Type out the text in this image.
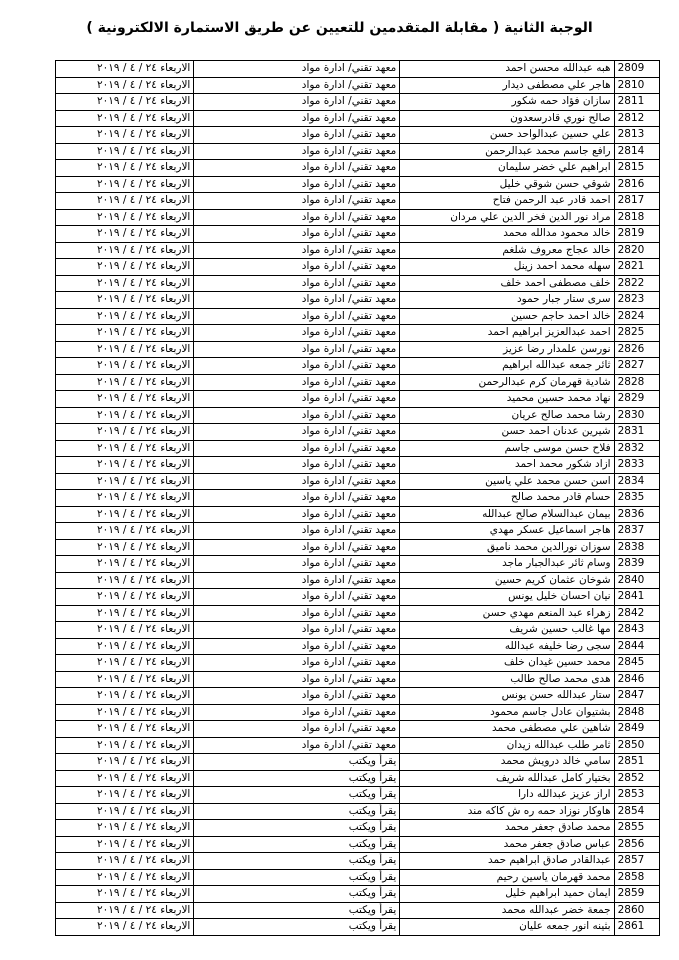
الوجبة الثانية ( مقابلة المتقدمين للتعيين عن طريق الاستمارة الالكترونية )
2809	هبه عبدالله محسن احمد	معهد تقني/ ادارة مواد	الاربعاء ٢٤ / ٤ / ٢٠١٩
2810	هاجر علي مصطفى ديدار	معهد تقني/ ادارة مواد	الاربعاء ٢٤ / ٤ / ٢٠١٩
2811	سازان فؤاد حمه شكور	معهد تقني/ ادارة مواد	الاربعاء ٢٤ / ٤ / ٢٠١٩
2812	صالح نوري قادرسعدون	معهد تقني/ ادارة مواد	الاربعاء ٢٤ / ٤ / ٢٠١٩
2813	علي حسين عبدالواحد حسن	معهد تقني/ ادارة مواد	الاربعاء ٢٤ / ٤ / ٢٠١٩
2814	رافع جاسم محمد عبدالرحمن	معهد تقني/ ادارة مواد	الاربعاء ٢٤ / ٤ / ٢٠١٩
2815	ابراهيم علي خضر سليمان	معهد تقني/ ادارة مواد	الاربعاء ٢٤ / ٤ / ٢٠١٩
2816	شوقي حسن شوقي خليل	معهد تقني/ ادارة مواد	الاربعاء ٢٤ / ٤ / ٢٠١٩
2817	احمد قادر عبد الرحمن فتاح	معهد تقني/ ادارة مواد	الاربعاء ٢٤ / ٤ / ٢٠١٩
2818	مراد نور الدين فخر الدين علي مردان	معهد تقني/ ادارة مواد	الاربعاء ٢٤ / ٤ / ٢٠١٩
2819	خالد محمود مدالله محمد	معهد تقني/ ادارة مواد	الاربعاء ٢٤ / ٤ / ٢٠١٩
2820	خالد عجاج معروف شلغم	معهد تقني/ ادارة مواد	الاربعاء ٢٤ / ٤ / ٢٠١٩
2821	سهله محمد احمد زينل	معهد تقني/ ادارة مواد	الاربعاء ٢٤ / ٤ / ٢٠١٩
2822	خلف مصطفى احمد خلف	معهد تقني/ ادارة مواد	الاربعاء ٢٤ / ٤ / ٢٠١٩
2823	سرى ستار جبار حمود	معهد تقني/ ادارة مواد	الاربعاء ٢٤ / ٤ / ٢٠١٩
2824	خالد احمد حاجم حسين	معهد تقني/ ادارة مواد	الاربعاء ٢٤ / ٤ / ٢٠١٩
2825	احمد عبدالعزيز ابراهيم احمد	معهد تقني/ ادارة مواد	الاربعاء ٢٤ / ٤ / ٢٠١٩
2826	نورسن علمدار رضا عزيز	معهد تقني/ ادارة مواد	الاربعاء ٢٤ / ٤ / ٢٠١٩
2827	ثائر جمعه عبدالله ابراهيم	معهد تقني/ ادارة مواد	الاربعاء ٢٤ / ٤ / ٢٠١٩
2828	شادية قهرمان كرم عبدالرحمن	معهد تقني/ ادارة مواد	الاربعاء ٢٤ / ٤ / ٢٠١٩
2829	نهاد محمد حسين محميد	معهد تقني/ ادارة مواد	الاربعاء ٢٤ / ٤ / ٢٠١٩
2830	رشا محمد صالح عريان	معهد تقني/ ادارة مواد	الاربعاء ٢٤ / ٤ / ٢٠١٩
2831	شيرين عدنان احمد حسن	معهد تقني/ ادارة مواد	الاربعاء ٢٤ / ٤ / ٢٠١٩
2832	فلاح حسن موسى جاسم	معهد تقني/ ادارة مواد	الاربعاء ٢٤ / ٤ / ٢٠١٩
2833	ازاد شكور محمد احمد	معهد تقني/ ادارة مواد	الاربعاء ٢٤ / ٤ / ٢٠١٩
2834	اسن حسن محمد علي ياسين	معهد تقني/ ادارة مواد	الاربعاء ٢٤ / ٤ / ٢٠١٩
2835	حسام قادر محمد صالح	معهد تقني/ ادارة مواد	الاربعاء ٢٤ / ٤ / ٢٠١٩
2836	بيمان عبدالسلام صالح عبدالله	معهد تقني/ ادارة مواد	الاربعاء ٢٤ / ٤ / ٢٠١٩
2837	هاجر اسماعيل عسكر مهدي	معهد تقني/ ادارة مواد	الاربعاء ٢٤ / ٤ / ٢٠١٩
2838	سوزان نورالدين محمد نامیق	معهد تقني/ ادارة مواد	الاربعاء ٢٤ / ٤ / ٢٠١٩
2839	وسام ثائر عبدالجبار ماجد	معهد تقني/ ادارة مواد	الاربعاء ٢٤ / ٤ / ٢٠١٩
2840	شوخان عثمان كريم حسين	معهد تقني/ ادارة مواد	الاربعاء ٢٤ / ٤ / ٢٠١٩
2841	نيان احسان خليل يونس	معهد تقني/ ادارة مواد	الاربعاء ٢٤ / ٤ / ٢٠١٩
2842	زهراء عبد المنعم مهدي حسن	معهد تقني/ ادارة مواد	الاربعاء ٢٤ / ٤ / ٢٠١٩
2843	مها غالب حسين شريف	معهد تقني/ ادارة مواد	الاربعاء ٢٤ / ٤ / ٢٠١٩
2844	سجى رضا خليفه عبدالله	معهد تقني/ ادارة مواد	الاربعاء ٢٤ / ٤ / ٢٠١٩
2845	محمد حسين غيدان خلف	معهد تقني/ ادارة مواد	الاربعاء ٢٤ / ٤ / ٢٠١٩
2846	هدى محمد صالح طالب	معهد تقني/ ادارة مواد	الاربعاء ٢٤ / ٤ / ٢٠١٩
2847	ستار عبدالله حسن يونس	معهد تقني/ ادارة مواد	الاربعاء ٢٤ / ٤ / ٢٠١٩
2848	بشتيوان عادل جاسم محمود	معهد تقني/ ادارة مواد	الاربعاء ٢٤ / ٤ / ٢٠١٩
2849	شاهين علي مصطفى محمد	معهد تقني/ ادارة مواد	الاربعاء ٢٤ / ٤ / ٢٠١٩
2850	ثامر طلب عبدالله زيدان	معهد تقني/ ادارة مواد	الاربعاء ٢٤ / ٤ / ٢٠١٩
2851	سامي خالد درويش محمد	يقرأ ويكتب	الاربعاء ٢٤ / ٤ / ٢٠١٩
2852	بختيار كامل عبدالله شريف	يقرأ ويكتب	الاربعاء ٢٤ / ٤ / ٢٠١٩
2853	اراز عزيز عبدالله دارا	يقرأ ويكتب	الاربعاء ٢٤ / ٤ / ٢٠١٩
2854	هاوكار نوزاد حمه ره ش كاكه مند	يقرأ ويكتب	الاربعاء ٢٤ / ٤ / ٢٠١٩
2855	محمد صادق جعفر محمد	يقرأ ويكتب	الاربعاء ٢٤ / ٤ / ٢٠١٩
2856	عباس صادق جعفر محمد	يقرأ ويكتب	الاربعاء ٢٤ / ٤ / ٢٠١٩
2857	عبدالقادر صادق ابراهيم حمد	يقرأ ويكتب	الاربعاء ٢٤ / ٤ / ٢٠١٩
2858	محمد قهرمان ياسين رحيم	يقرأ ويكتب	الاربعاء ٢٤ / ٤ / ٢٠١٩
2859	ايمان حميد ابراهيم خليل	يقرأ ويكتب	الاربعاء ٢٤ / ٤ / ٢٠١٩
2860	جمعة خضر عبدالله محمد	يقرأ ويكتب	الاربعاء ٢٤ / ٤ / ٢٠١٩
2861	بثينه انور جمعه عليان	يقرأ ويكتب	الاربعاء ٢٤ / ٤ / ٢٠١٩
